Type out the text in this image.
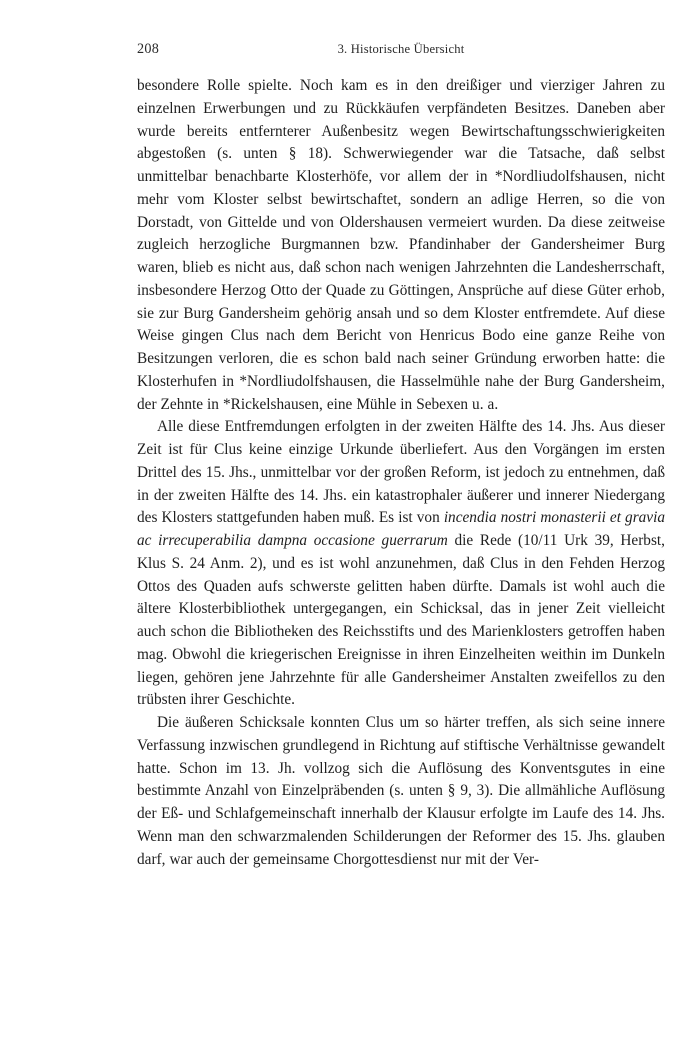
208	3. Historische Übersicht

besondere Rolle spielte. Noch kam es in den dreißiger und vierziger Jahren zu einzelnen Erwerbungen und zu Rückkäufen verpfändeten Besitzes. Daneben aber wurde bereits entfernterer Außenbesitz wegen Bewirtschaftungsschwierigkeiten abgestoßen (s. unten § 18). Schwerwiegender war die Tatsache, daß selbst unmittelbar benachbarte Klosterhöfe, vor allem der in *Nordliudolfshausen, nicht mehr vom Kloster selbst bewirtschaftet, sondern an adlige Herren, so die von Dorstadt, von Gittelde und von Oldershausen vermeiert wurden. Da diese zeitweise zugleich herzogliche Burgmannen bzw. Pfandinhaber der Gandersheimer Burg waren, blieb es nicht aus, daß schon nach wenigen Jahrzehnten die Landesherrschaft, insbesondere Herzog Otto der Quade zu Göttingen, Ansprüche auf diese Güter erhob, sie zur Burg Gandersheim gehörig ansah und so dem Kloster entfremdete. Auf diese Weise gingen Clus nach dem Bericht von Henricus Bodo eine ganze Reihe von Besitzungen verloren, die es schon bald nach seiner Gründung erworben hatte: die Klosterhufen in *Nordliudolfshausen, die Hasselmühle nahe der Burg Gandersheim, der Zehnte in *Rickelshausen, eine Mühle in Sebexen u. a.

Alle diese Entfremdungen erfolgten in der zweiten Hälfte des 14. Jhs. Aus dieser Zeit ist für Clus keine einzige Urkunde überliefert. Aus den Vorgängen im ersten Drittel des 15. Jhs., unmittelbar vor der großen Reform, ist jedoch zu entnehmen, daß in der zweiten Hälfte des 14. Jhs. ein katastrophaler äußerer und innerer Niedergang des Klosters stattgefunden haben muß. Es ist von incendia nostri monasterii et gravia ac irrecuperabilia dampna occasione guerrarum die Rede (10/11 Urk 39, Herbst, Klus S. 24 Anm. 2), und es ist wohl anzunehmen, daß Clus in den Fehden Herzog Ottos des Quaden aufs schwerste gelitten haben dürfte. Damals ist wohl auch die ältere Klosterbibliothek untergegangen, ein Schicksal, das in jener Zeit vielleicht auch schon die Bibliotheken des Reichsstifts und des Marienklosters getroffen haben mag. Obwohl die kriegerischen Ereignisse in ihren Einzelheiten weithin im Dunkeln liegen, gehören jene Jahrzehnte für alle Gandersheimer Anstalten zweifellos zu den trübsten ihrer Geschichte.

Die äußeren Schicksale konnten Clus um so härter treffen, als sich seine innere Verfassung inzwischen grundlegend in Richtung auf stiftische Verhältnisse gewandelt hatte. Schon im 13. Jh. vollzog sich die Auflösung des Konventsgutes in eine bestimmte Anzahl von Einzelpräbenden (s. unten § 9, 3). Die allmähliche Auflösung der Eß- und Schlafgemeinschaft innerhalb der Klausur erfolgte im Laufe des 14. Jhs. Wenn man den schwarzmalenden Schilderungen der Reformer des 15. Jhs. glauben darf, war auch der gemeinsame Chorgottesdienst nur mit der Ver-
